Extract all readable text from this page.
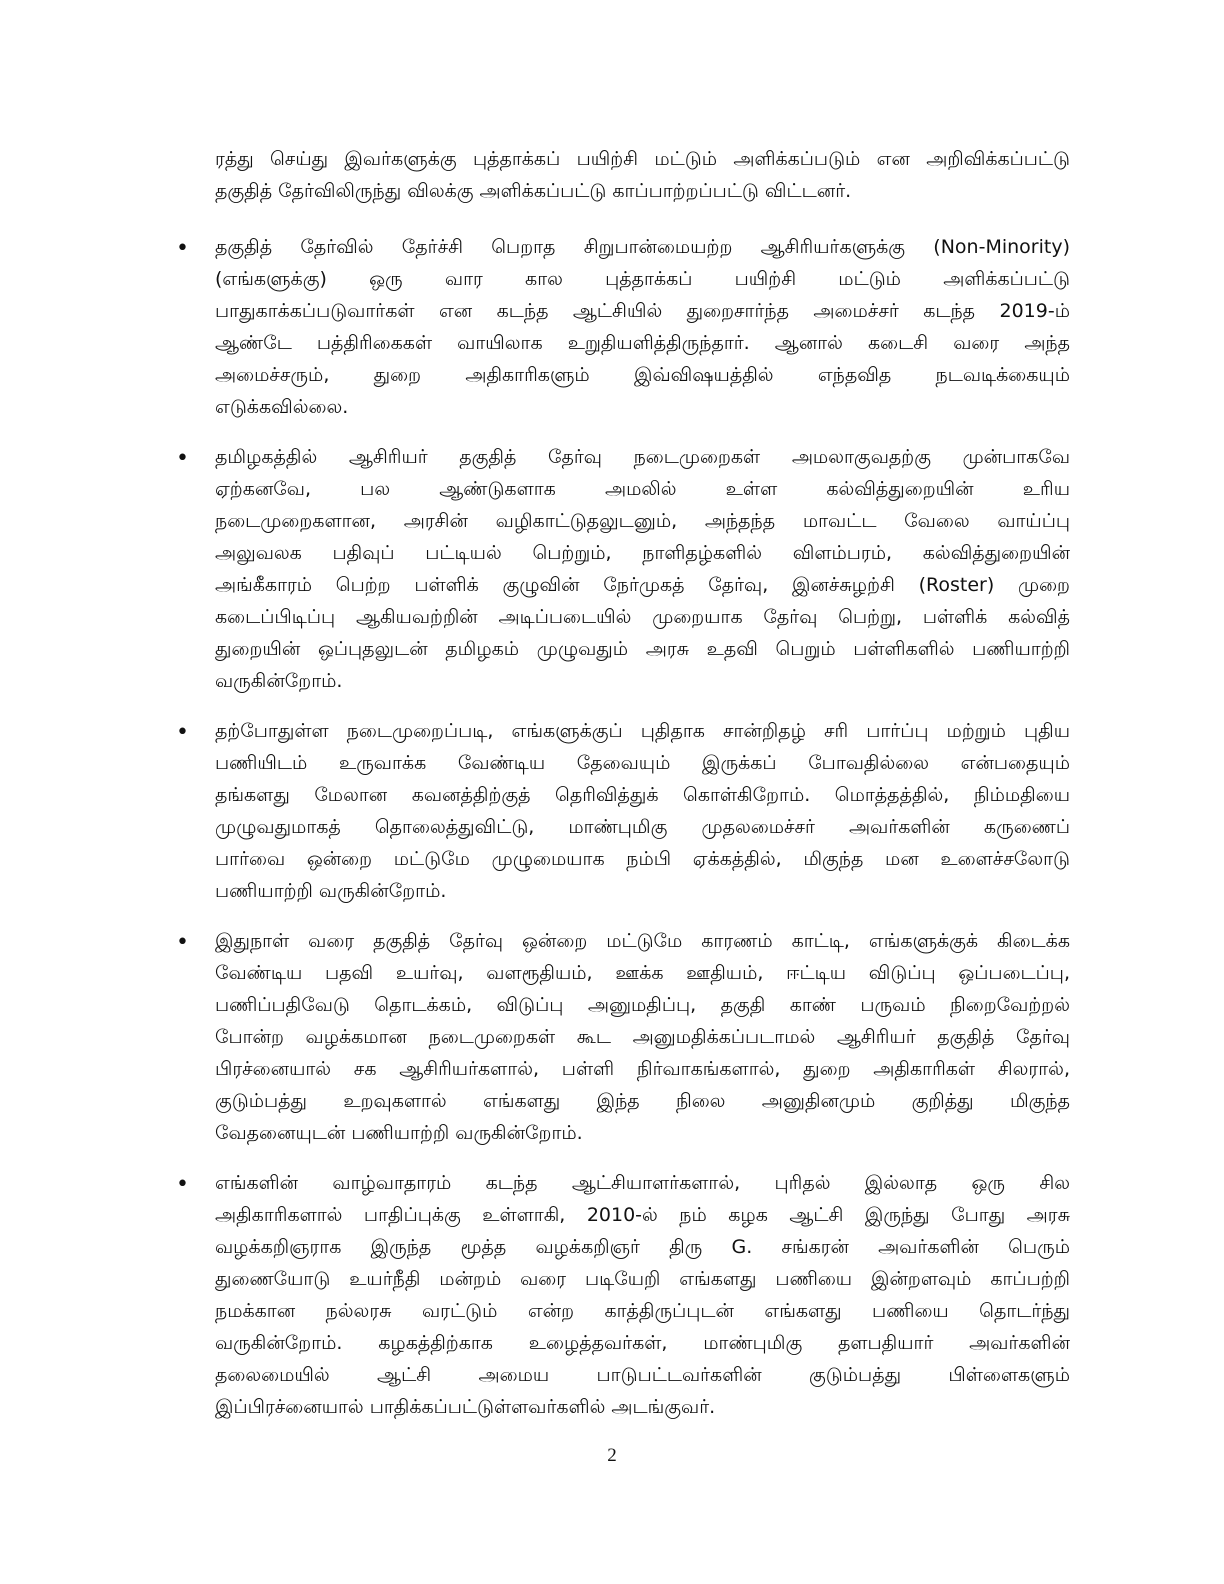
ரத்து செய்து இவர்களுக்கு புத்தாக்கப் பயிற்சி மட்டும் அளிக்கப்படும் என அறிவிக்கப்பட்டு

தகுதித் தேர்விலிருந்து விலக்கு அளிக்கப்பட்டு காப்பாற்றப்பட்டு விட்டனர்.

• தகுதித் தேர்வில் தேர்ச்சி பெறாத சிறுபான்மையற்ற ஆசிரியர்களுக்கு (Non-Minority)

(எங்களுக்கு) ஒரு வார கால புத்தாக்கப் பயிற்சி மட்டும் அளிக்கப்பட்டு

பாதுகாக்கப்படுவார்கள் என கடந்த ஆட்சியில் துறைசார்ந்த அமைச்சர் கடந்த 2019-ம்

ஆண்டே பத்திரிகைகள் வாயிலாக உறுதியளித்திருந்தார். ஆனால் கடைசி வரை அந்த

அமைச்சரும், துறை அதிகாரிகளும் இவ்விஷயத்தில் எந்தவித நடவடிக்கையும்

எடுக்கவில்லை.

• தமிழகத்தில் ஆசிரியர் தகுதித் தேர்வு நடைமுறைகள் அமலாகுவதற்கு முன்பாகவே

ஏற்கனவே, பல ஆண்டுகளாக அமலில் உள்ள கல்வித்துறையின் உரிய

நடைமுறைகளான, அரசின் வழிகாட்டுதலுடனும், அந்தந்த மாவட்ட வேலை வாய்ப்பு

அலுவலக பதிவுப் பட்டியல் பெற்றும், நாளிதழ்களில் விளம்பரம், கல்வித்துறையின்

அங்கீகாரம் பெற்ற பள்ளிக் குழுவின் நேர்முகத் தேர்வு, இனச்சுழற்சி (Roster) முறை

கடைப்பிடிப்பு ஆகியவற்றின் அடிப்படையில் முறையாக தேர்வு பெற்று, பள்ளிக் கல்வித்

துறையின் ஒப்புதலுடன் தமிழகம் முழுவதும் அரசு உதவி பெறும் பள்ளிகளில் பணியாற்றி

வருகின்றோம்.

• தற்போதுள்ள நடைமுறைப்படி, எங்களுக்குப் புதிதாக சான்றிதழ் சரி பார்ப்பு மற்றும் புதிய

பணியிடம் உருவாக்க வேண்டிய தேவையும் இருக்கப் போவதில்லை என்பதையும்

தங்களது மேலான கவனத்திற்குத் தெரிவித்துக் கொள்கிறோம். மொத்தத்தில், நிம்மதியை

முழுவதுமாகத் தொலைத்துவிட்டு, மாண்புமிகு முதலமைச்சர் அவர்களின் கருணைப்

பார்வை ஒன்றை மட்டுமே முழுமையாக நம்பி ஏக்கத்தில், மிகுந்த மன உளைச்சலோடு

பணியாற்றி வருகின்றோம்.

• இதுநாள் வரை தகுதித் தேர்வு ஒன்றை மட்டுமே காரணம் காட்டி, எங்களுக்குக் கிடைக்க

வேண்டிய பதவி உயர்வு, வளரூதியம், ஊக்க ஊதியம், ஈட்டிய விடுப்பு ஒப்படைப்பு,

பணிப்பதிவேடு தொடக்கம், விடுப்பு அனுமதிப்பு, தகுதி காண் பருவம் நிறைவேற்றல்

போன்ற வழக்கமான நடைமுறைகள் கூட அனுமதிக்கப்படாமல் ஆசிரியர் தகுதித் தேர்வு

பிரச்னையால் சக ஆசிரியர்களால், பள்ளி நிர்வாகங்களால், துறை அதிகாரிகள் சிலரால்,

குடும்பத்து உறவுகளால் எங்களது இந்த நிலை அனுதினமும் குறித்து மிகுந்த

வேதனையுடன் பணியாற்றி வருகின்றோம்.

• எங்களின் வாழ்வாதாரம் கடந்த ஆட்சியாளர்களால், புரிதல் இல்லாத ஒரு சில

அதிகாரிகளால் பாதிப்புக்கு உள்ளாகி, 2010-ல் நம் கழக ஆட்சி இருந்து போது அரசு

வழக்கறிஞராக இருந்த மூத்த வழக்கறிஞர் திரு G. சங்கரன் அவர்களின் பெரும்

துணையோடு உயர்நீதி மன்றம் வரை படியேறி எங்களது பணியை இன்றளவும் காப்பற்றி

நமக்கான நல்லரசு வரட்டும் என்ற காத்திருப்புடன் எங்களது பணியை தொடர்ந்து

வருகின்றோம். கழகத்திற்காக உழைத்தவர்கள், மாண்புமிகு தளபதியார் அவர்களின்

தலைமையில் ஆட்சி அமைய பாடுபட்டவர்களின் குடும்பத்து பிள்ளைகளும்

இப்பிரச்னையால் பாதிக்கப்பட்டுள்ளவர்களில் அடங்குவர்.

2
